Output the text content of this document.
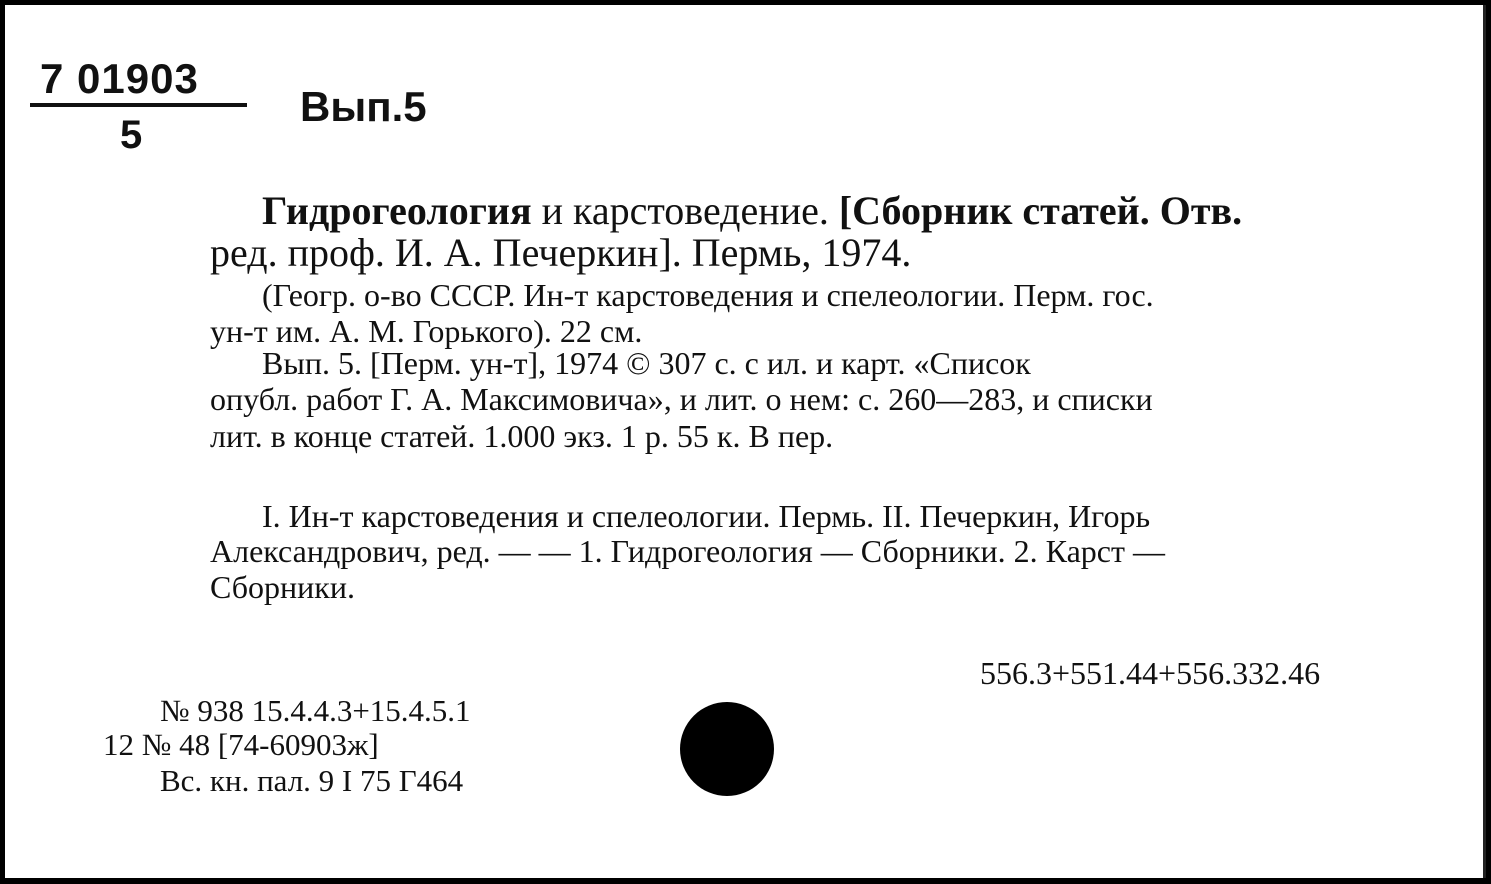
7 01903
5
Вып.5
Гидрогеология и карстоведение. [Сборник статей. Отв.
ред. проф. И. А. Печеркин]. Пермь, 1974.
(Геогр. о-во СССР. Ин-т карстоведения и спелеологии. Перм. гос.
ун-т им. А. М. Горького). 22 см.
Вып. 5. [Перм. ун-т], 1974 © 307 с. с ил. и карт. «Список
опубл. работ Г. А. Максимовича», и лит. о нем: с. 260—283, и списки
лит. в конце статей. 1.000 экз. 1 р. 55 к. В пер.
I. Ин-т карстоведения и спелеологии. Пермь. II. Печеркин, Игорь
Александрович, ред. — — 1. Гидрогеология — Сборники. 2. Карст —
Сборники.
556.3+551.44+556.332.46
№ 938 15.4.4.3+15.4.5.1
12 № 48 [74-60903ж]
Вс. кн. пал. 9 I 75 Г464
